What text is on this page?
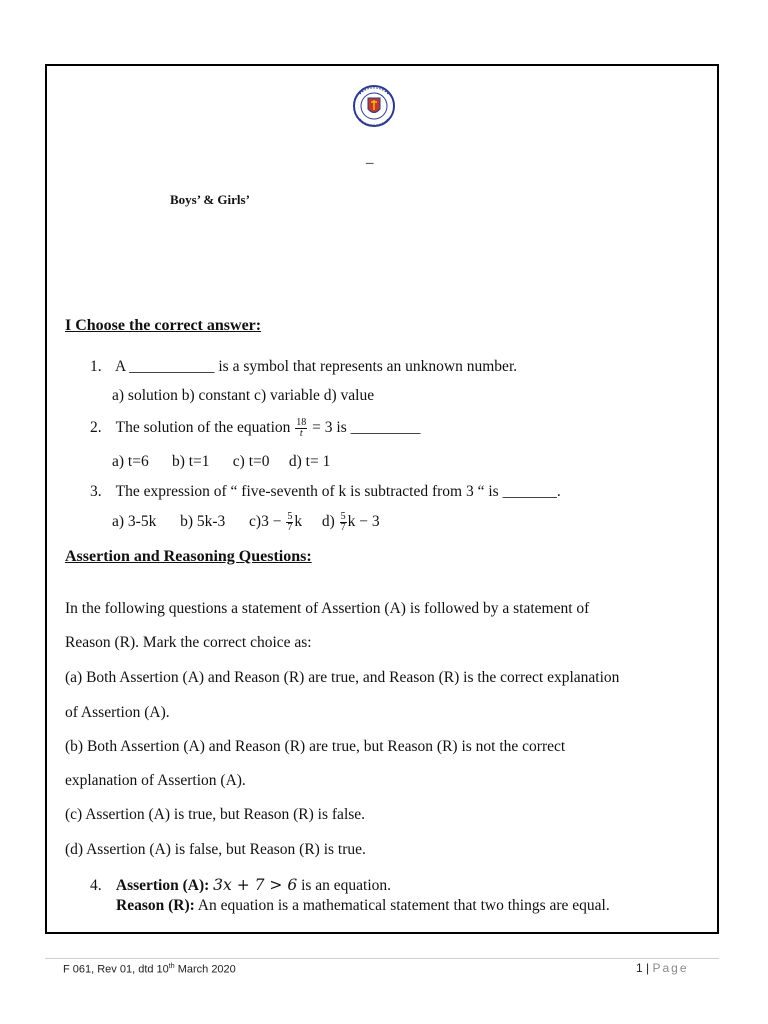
_
Boys’ & Girls’
I Choose the correct answer:
1. A ___________ is a symbol that represents an unknown number.
a) solution b) constant c) variable d) value
2. The solution of the equation $\frac{18}{t} = 3$ is _________
a) t=6      b) t=1      c) t=0     d) t= 1
3. The expression of “ five-seventh of k is subtracted from 3 “ is _______.
a) 3-5k b) 5k-3 $c)3 - \frac{5}{7}$ k $d) \frac{5}{7}$ k − 3
Assertion and Reasoning Questions:
In the following questions a statement of Assertion (A) is followed by a statement of
Reason (R). Mark the correct choice as:
(a) Both Assertion (A) and Reason (R) are true, and Reason (R) is the correct explanation
of Assertion (A).
(b) Both Assertion (A) and Reason (R) are true, but Reason (R) is not the correct
explanation of Assertion (A).
(c) Assertion (A) is true, but Reason (R) is false.
(d) Assertion (A) is false, but Reason (R) is true.
4. Assertion (A): 3x + 7 > 6 is an equation.
Reason (R): An equation is a mathematical statement that two things are equal.
F 061, Rev 01, dtd 10th March 2020	1 | Page
